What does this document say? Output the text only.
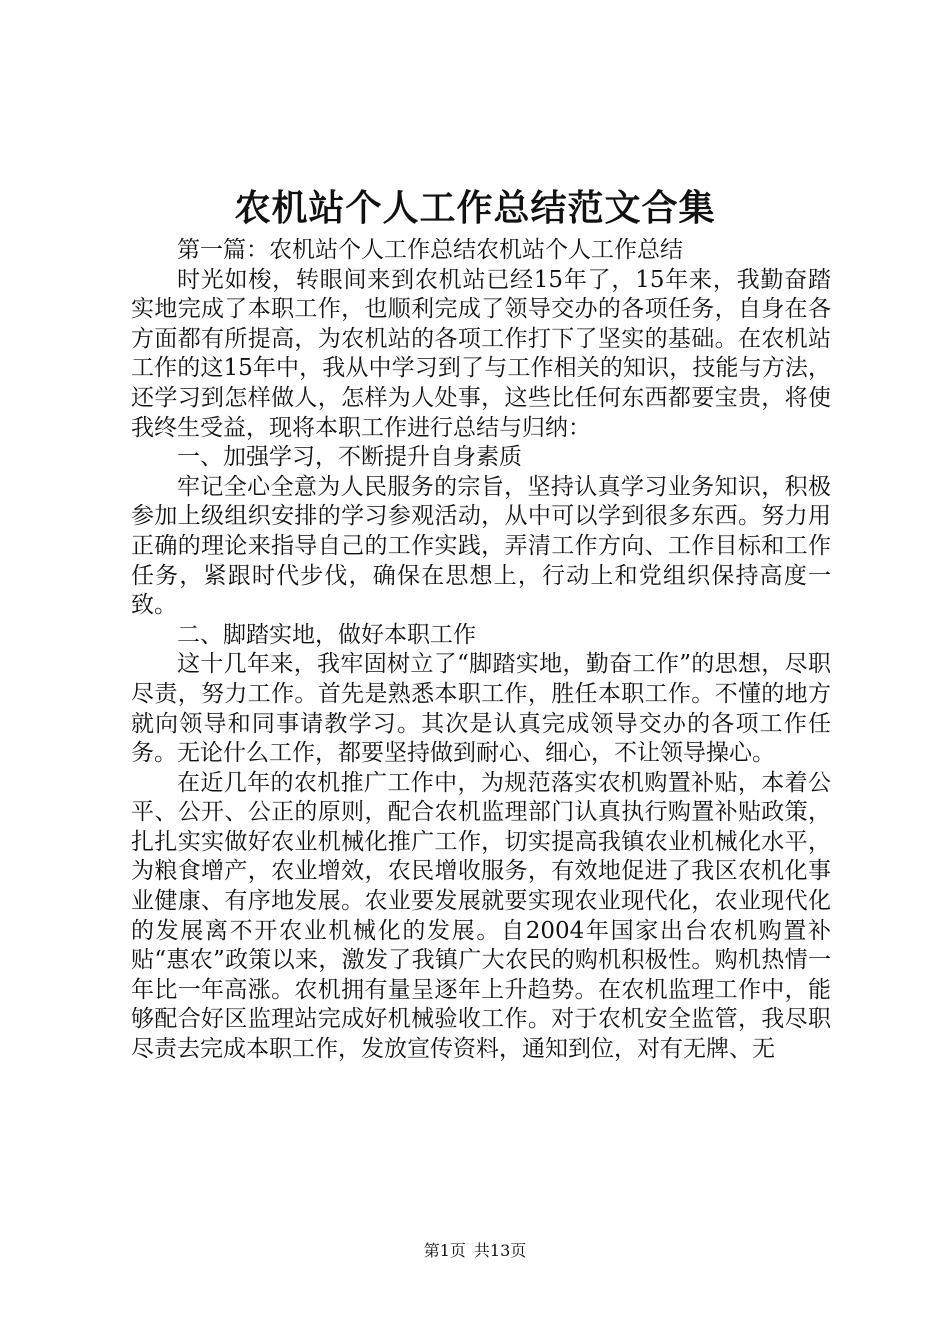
农机站个人工作总结范文合集

第一篇：农机站个人工作总结农机站个人工作总结

时光如梭，转眼间来到农机站已经15年了，15年来，我勤奋踏实地完成了本职工作，也顺利完成了领导交办的各项任务，自身在各方面都有所提高，为农机站的各项工作打下了坚实的基础。在农机站工作的这15年中，我从中学习到了与工作相关的知识，技能与方法，还学习到怎样做人，怎样为人处事，这些比任何东西都要宝贵，将使我终生受益，现将本职工作进行总结与归纳：

一、加强学习，不断提升自身素质

牢记全心全意为人民服务的宗旨，坚持认真学习业务知识，积极参加上级组织安排的学习参观活动，从中可以学到很多东西。努力用正确的理论来指导自己的工作实践，弄清工作方向、工作目标和工作任务，紧跟时代步伐，确保在思想上，行动上和党组织保持高度一致。

二、脚踏实地，做好本职工作

这十几年来，我牢固树立了“脚踏实地，勤奋工作”的思想，尽职尽责，努力工作。首先是熟悉本职工作，胜任本职工作。不懂的地方就向领导和同事请教学习。其次是认真完成领导交办的各项工作任务。无论什么工作，都要坚持做到耐心、细心，不让领导操心。

在近几年的农机推广工作中，为规范落实农机购置补贴，本着公平、公开、公正的原则，配合农机监理部门认真执行购置补贴政策，扎扎实实做好农业机械化推广工作，切实提高我镇农业机械化水平，为粮食增产，农业增效，农民增收服务，有效地促进了我区农机化事业健康、有序地发展。农业要发展就要实现农业现代化，农业现代化的发展离不开农业机械化的发展。自2004年国家出台农机购置补贴“惠农”政策以来，激发了我镇广大农民的购机积极性。购机热情一年比一年高涨。农机拥有量呈逐年上升趋势。在农机监理工作中，能够配合好区监理站完成好机械验收工作。对于农机安全监管，我尽职尽责去完成本职工作，发放宣传资料，通知到位，对有无牌、无

第1页 共13页
